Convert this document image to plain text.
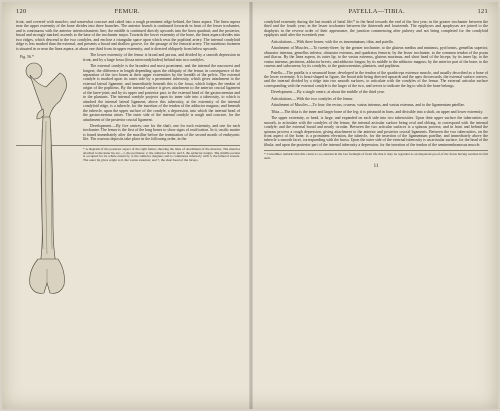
120	FEMUR.

front, and covered with muscles; and somewhat concave and raked into a rough prominent ridge behind, the linea aspera. The linea aspera near the upper extremity of the bone divides into three branches. The anterior branch is continued forwards in front of the lesser trochanter, and is continuous with the anterior intertrochanteric line; the middle is continued directly upwards into the linea quadrati; and the posterior, broad and strongly marked, ascends to the base of the trochanter major. Towards the lower extremity of the bone, the linea aspera divides into two ridges, which descend to the two condyles, and enclose a triangular space upon which rests the popliteal artery. The internal condyloid ridge is less marked than the external, and presents a broad and shallow groove, for the passage of the femoral artery. The nutritious foramen is situated in or near the linea aspera, at about one third from its upper extremity, and is directed obliquely from below upwards.

Fig. 56.*	The lower extremity of the femur is broad and porous, and divided by a smooth depression in front, and by a large fossa (fossa intercondyloidea) behind into two condyles.

The external condyle is the broadest and most prominent, and the internal the narrowest and longest; the difference in length depending upon the obliquity of the femur, in consequence of the separation of the two bones at their upper extremities by the breadth of the pelvis. The external condyle is marked upon its outer side by a prominent tuberosity, which gives attachment to the external lateral ligament; and immediately beneath this is the fossa, which lodges the tendon of origin of the popliteus. By the internal surface it gives attachment to the anterior crucial ligament of the knee-joint; and by its upper and posterior part, to the external head of the gastrocnemius and to the plantaris. The internal condyle projects upon its inner side into a tuberosity, to which is attached the internal lateral ligament; above this tuberosity, at the extremity of the internal condyloid ridge, is a tubercle, for the insertion of the tendon of the adductor magnus; and beneath the tubercle, upon the upper surface of the condyle, a depression, into which the internal head of the gastrocnemius arises. The outer side of the internal condyle is rough and concave, for the attachment of the posterior crucial ligament.

Development.—By five centres; one for the shaft, one for each extremity, and one for each trochanter. The femur is the first of the long bones to show signs of ossification. In it, ossific matter is found immediately after the maxillae before the termination of the second month of embryonic life. The osseous deposits take place in the following order, in the

* A diagram of the posterior aspect of the right femur, showing the lines of attachment of the muscles. The muscles attached to the inner lip are—1, the pectineus; 2, the adductor brevis; and 3, the adductor longus. The middle portion is occupied for its whole extent by 4, the adductor magnus; and is continuous inferiorly with 5, the femoral vessels. The outer lip gives origin to 6, the vastus externus; and 7, the short head of the biceps.
PATELLA—TIBIA.	121

condyloid extremity during the last month of fœtal life;* in the head towards the end of the first year; in the greater trochanter between the third and the fourth year; in the lesser trochanter between the thirteenth and fourteenth. The epiphyses and apophyses are joined to the diaphysis in the reverse order of their appearance, the junction commencing after puberty and not being completed for the condyloid epiphysis until after the twentieth year.

Articulations.—With three bones; with the os innominatum, tibia, and patella.

Attachment of Muscles.—To twenty-three; by the greater trochanter, to the gluteus medius and minimus, pyriformis, gemellus superior, obturator internus, gemellus inferior, obturator externus, and quadratus femoris; by the lesser trochanter, to the common tendon of the psoas and iliacus. By the linea aspera, its outer lip, to the vastus externus, gluteus maximus, and short head of the biceps; by its inner lip, to the vastus internus, pectineus, adductor brevis, and adductor longus; by its middle to the adductor magnus; by the anterior part of the bone, to the crureus and subcrureus; by its condyles, to the gastrocnemius, plantaris, and popliteus.

Patella.—The patella is a sesamoid bone, developed in the tendon of the quadriceps extensor muscle, and usually described as a bone of the lower extremity. It is heart-shaped in figure, the broad side being directed upwards and the apex downwards, the external surface convex, and the internal divided by a ridge into two smooth surfaces, to articulate with the condyles of the femur. The external articular surface corresponding with the external condyle is the larger of the two, and serves to indicate the leg to which the bone belongs.

Development.—By a single centre, at about the middle of the third year.

Articulations.—With the two condyles of the femur.

Attachment of Muscles.—To four: the rectus, crureus, vastus internus, and vastus externus, and to the ligamentum patellae.

Tibia.—The tibia is the inner and larger bone of the leg; it is prismoid in form, and divisible into a shaft, an upper and lower extremity.

The upper extremity, or head, is large, and expanded on each side into two tuberosities. Upon their upper surface the tuberosities are smooth, to articulate with the condyles of the femur; the internal articular surface being oval and oblong, to correspond with the internal condyle; and the external broad and nearly circular. Between the two articular surfaces is a spinous process; and in front and behind the spinous process a rough depression, giving attachment to the anterior and posterior crucial ligaments. Between the two tuberosities, on the front aspect of the bone, is a prominent elevation, the tubercle, for the insertion of the ligamentum patellae, and immediately above the tubercle a smooth facet, corresponding with the bursa. Upon the outer side of the external tuberosity is an articular surface, for the head of the fibula; and upon the posterior part of the internal tuberosity a depression, for the insertion of the tendon of the semimembranosus muscle.

* Cruveilhier remarks that this centre is so constant in the last fortnight of fœtal life that it may be regarded as an important proof of the fœtus having reached its full term.
11
